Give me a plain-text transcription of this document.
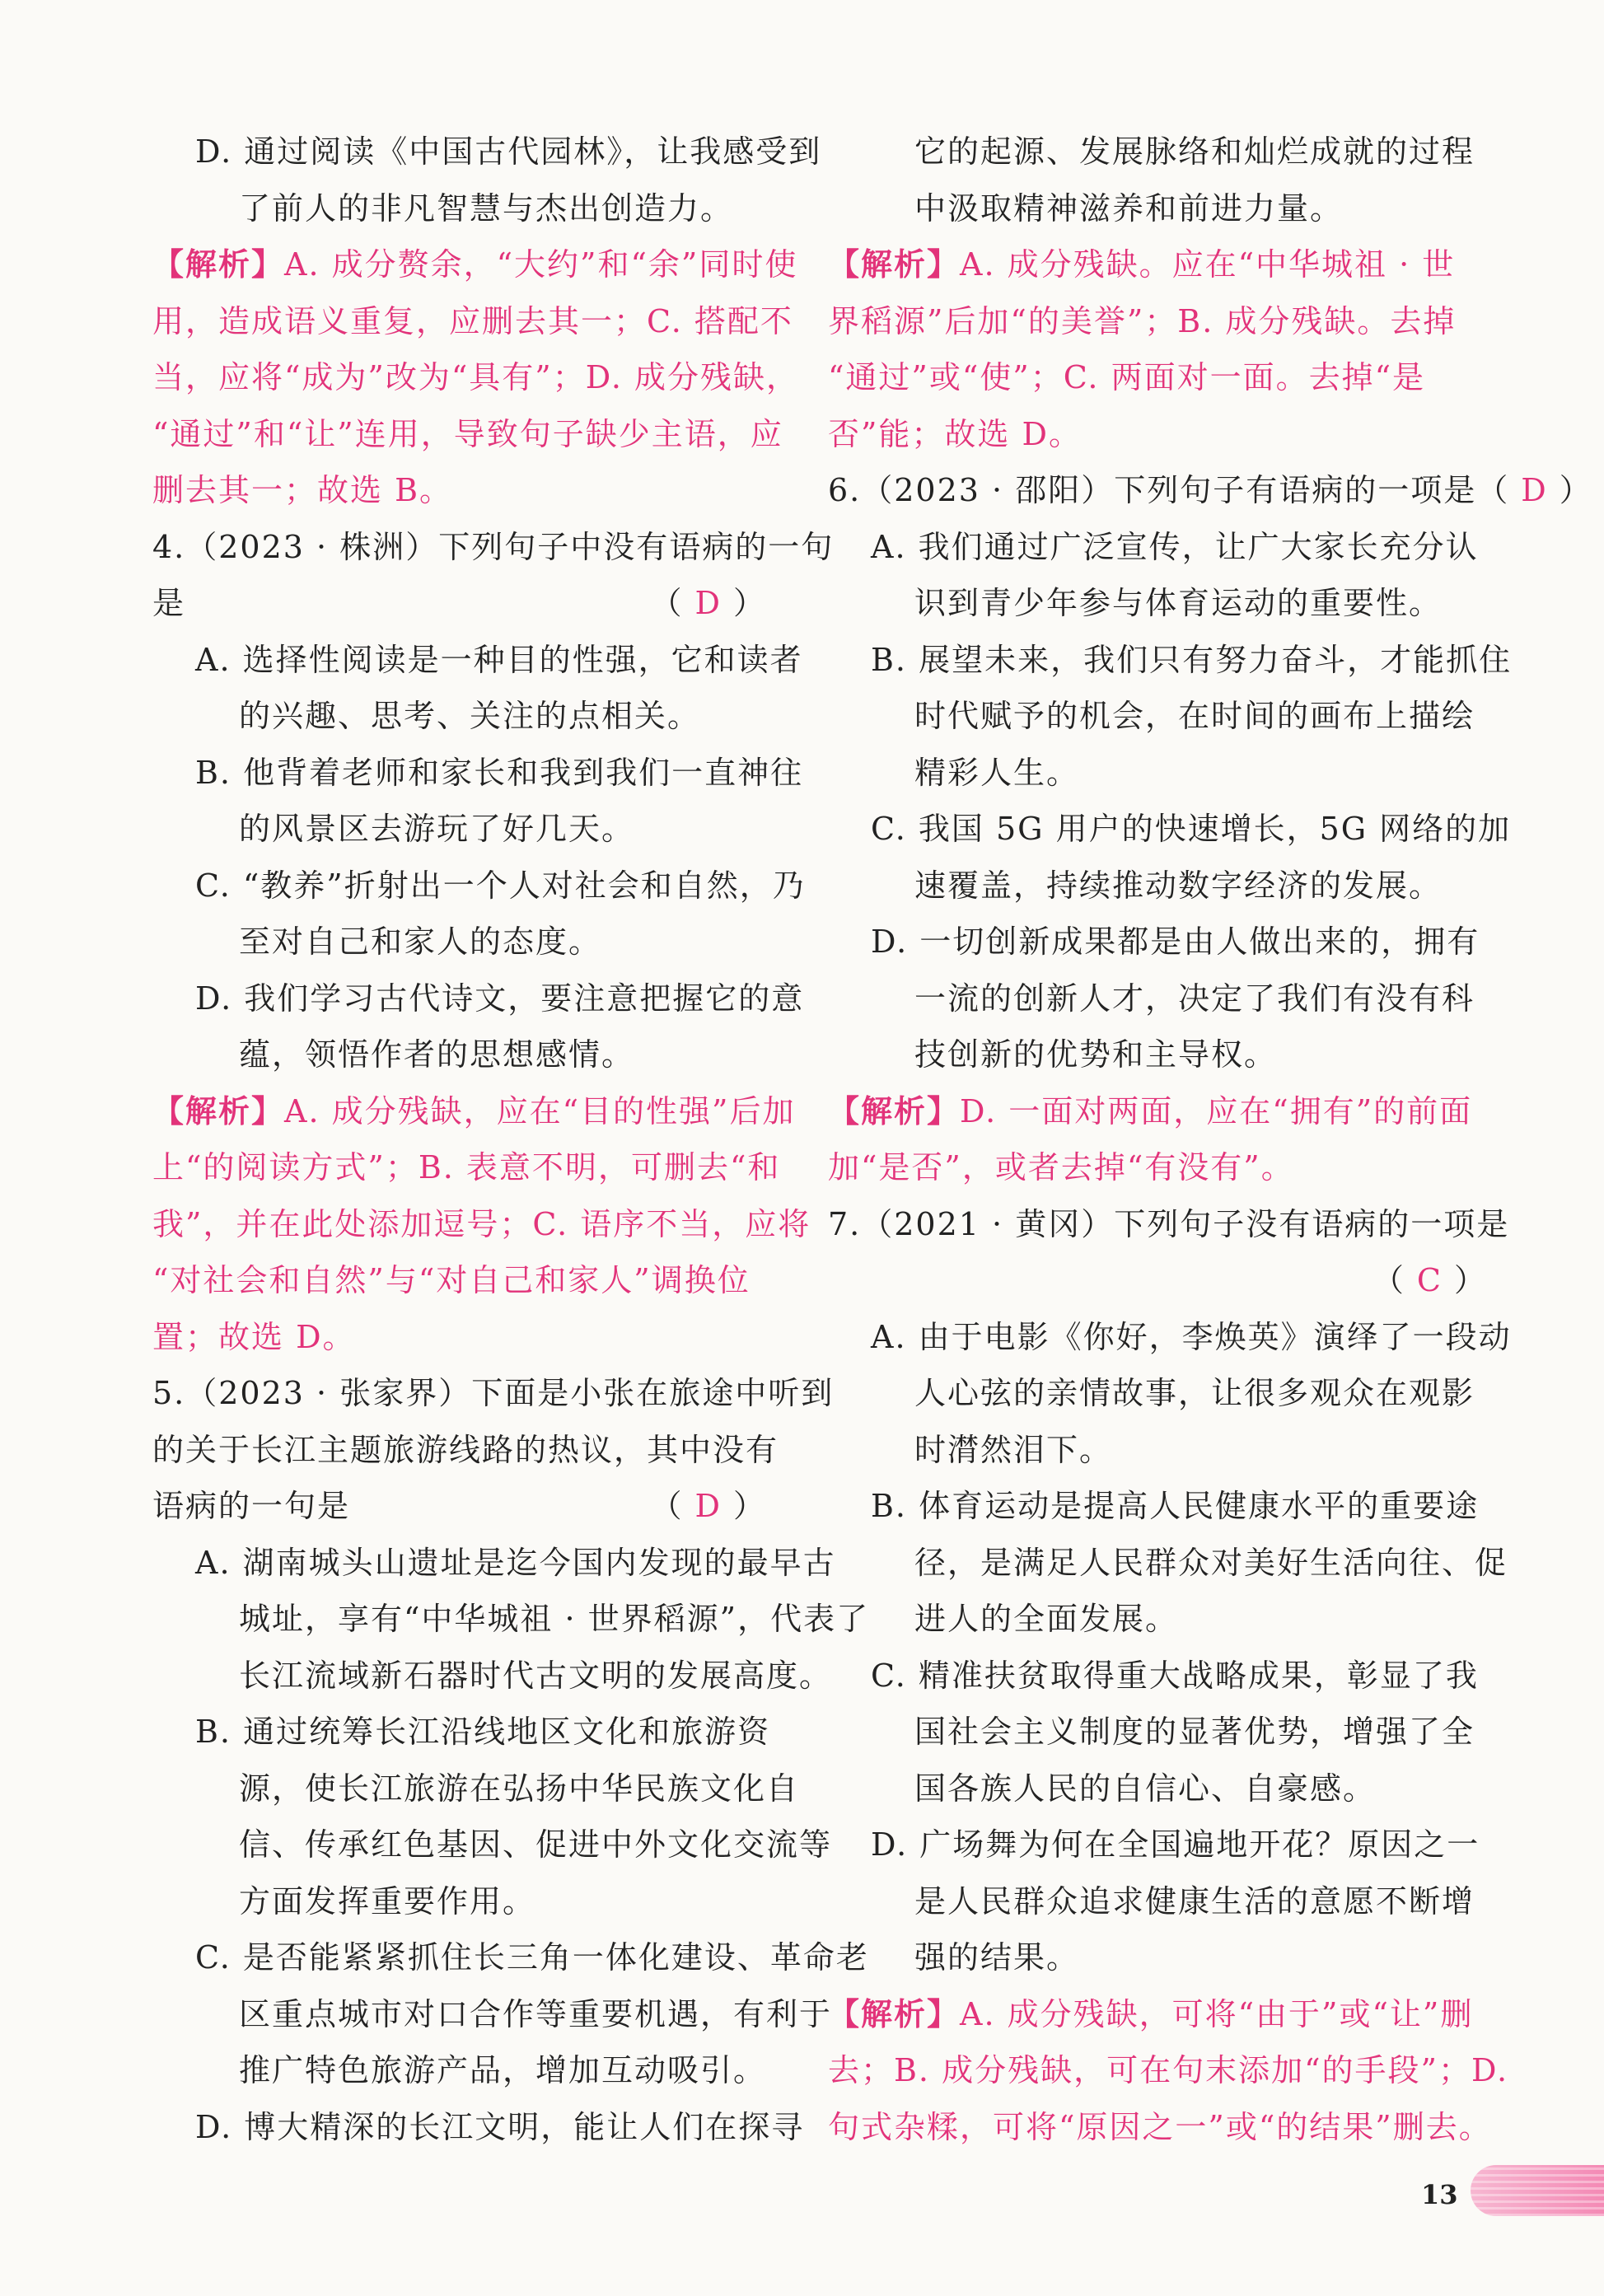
D. 通过阅读《中国古代园林》，让我感受到
了前人的非凡智慧与杰出创造力。
【解析】A. 成分赘余，“大约”和“余”同时使
用，造成语义重复，应删去其一；C. 搭配不
当，应将“成为”改为“具有”；D. 成分残缺，
“通过”和“让”连用，导致句子缺少主语，应
删去其一；故选 B。
4.（2023 · 株洲）下列句子中没有语病的一句
是	（ D ）
A. 选择性阅读是一种目的性强，它和读者
的兴趣、思考、关注的点相关。
B. 他背着老师和家长和我到我们一直神往
的风景区去游玩了好几天。
C. “教养”折射出一个人对社会和自然，乃
至对自己和家人的态度。
D. 我们学习古代诗文，要注意把握它的意
蕴，领悟作者的思想感情。
【解析】A. 成分残缺，应在“目的性强”后加
上“的阅读方式”；B. 表意不明，可删去“和
我”，并在此处添加逗号；C. 语序不当，应将
“对社会和自然”与“对自己和家人”调换位
置；故选 D。
5.（2023 · 张家界）下面是小张在旅途中听到
的关于长江主题旅游线路的热议，其中没有
语病的一句是	（ D ）
A. 湖南城头山遗址是迄今国内发现的最早古
城址，享有“中华城祖 · 世界稻源”，代表了
长江流域新石器时代古文明的发展高度。
B. 通过统筹长江沿线地区文化和旅游资
源，使长江旅游在弘扬中华民族文化自
信、传承红色基因、促进中外文化交流等
方面发挥重要作用。
C. 是否能紧紧抓住长三角一体化建设、革命老
区重点城市对口合作等重要机遇，有利于
推广特色旅游产品，增加互动吸引。
D. 博大精深的长江文明，能让人们在探寻
它的起源、发展脉络和灿烂成就的过程
中汲取精神滋养和前进力量。
【解析】A. 成分残缺。应在“中华城祖 · 世
界稻源”后加“的美誉”；B. 成分残缺。去掉
“通过”或“使”；C. 两面对一面。去掉“是
否”能；故选 D。
6.（2023 · 邵阳）下列句子有语病的一项是（ D ）
A. 我们通过广泛宣传，让广大家长充分认
识到青少年参与体育运动的重要性。
B. 展望未来，我们只有努力奋斗，才能抓住
时代赋予的机会，在时间的画布上描绘
精彩人生。
C. 我国 5G 用户的快速增长，5G 网络的加
速覆盖，持续推动数字经济的发展。
D. 一切创新成果都是由人做出来的，拥有
一流的创新人才，决定了我们有没有科
技创新的优势和主导权。
【解析】D. 一面对两面，应在“拥有”的前面
加“是否”，或者去掉“有没有”。
7.（2021 · 黄冈）下列句子没有语病的一项是
（ C ）
A. 由于电影《你好，李焕英》演绎了一段动
人心弦的亲情故事，让很多观众在观影
时潸然泪下。
B. 体育运动是提高人民健康水平的重要途
径，是满足人民群众对美好生活向往、促
进人的全面发展。
C. 精准扶贫取得重大战略成果，彰显了我
国社会主义制度的显著优势，增强了全
国各族人民的自信心、自豪感。
D. 广场舞为何在全国遍地开花？原因之一
是人民群众追求健康生活的意愿不断增
强的结果。
【解析】A. 成分残缺，可将“由于”或“让”删
去；B. 成分残缺，可在句末添加“的手段”；D.
句式杂糅，可将“原因之一”或“的结果”删去。
13
